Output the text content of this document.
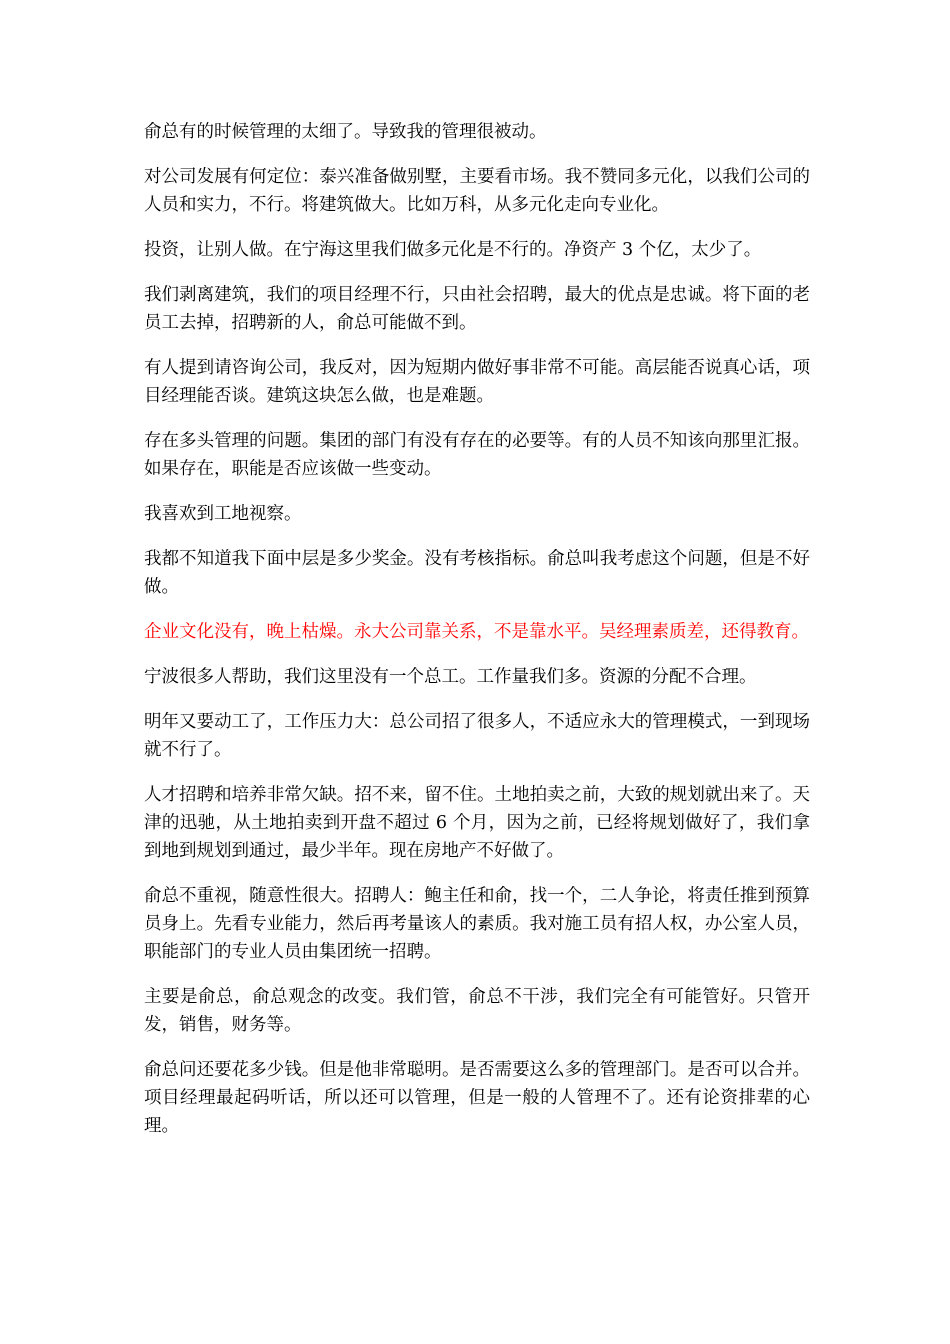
俞总有的时候管理的太细了。导致我的管理很被动。

对公司发展有何定位：泰兴准备做别墅，主要看市场。我不赞同多元化，以我们公司的人员和实力，不行。将建筑做大。比如万科，从多元化走向专业化。

投资，让别人做。在宁海这里我们做多元化是不行的。净资产 3 个亿，太少了。

我们剥离建筑，我们的项目经理不行，只由社会招聘，最大的优点是忠诚。将下面的老员工去掉，招聘新的人，俞总可能做不到。

有人提到请咨询公司，我反对，因为短期内做好事非常不可能。高层能否说真心话，项目经理能否谈。建筑这块怎么做，也是难题。

存在多头管理的问题。集团的部门有没有存在的必要等。有的人员不知该向那里汇报。如果存在，职能是否应该做一些变动。

我喜欢到工地视察。

我都不知道我下面中层是多少奖金。没有考核指标。俞总叫我考虑这个问题，但是不好做。

企业文化没有，晚上枯燥。永大公司靠关系，不是靠水平。吴经理素质差，还得教育。

宁波很多人帮助，我们这里没有一个总工。工作量我们多。资源的分配不合理。

明年又要动工了，工作压力大：总公司招了很多人，不适应永大的管理模式，一到现场就不行了。

人才招聘和培养非常欠缺。招不来，留不住。土地拍卖之前，大致的规划就出来了。天津的迅驰，从土地拍卖到开盘不超过 6 个月，因为之前，已经将规划做好了，我们拿到地到规划到通过，最少半年。现在房地产不好做了。

俞总不重视，随意性很大。招聘人：鲍主任和俞，找一个，二人争论，将责任推到预算员身上。先看专业能力，然后再考量该人的素质。我对施工员有招人权，办公室人员，职能部门的专业人员由集团统一招聘。

主要是俞总，俞总观念的改变。我们管，俞总不干涉，我们完全有可能管好。只管开发，销售，财务等。

俞总问还要花多少钱。但是他非常聪明。是否需要这么多的管理部门。是否可以合并。项目经理最起码听话，所以还可以管理，但是一般的人管理不了。还有论资排辈的心理。
